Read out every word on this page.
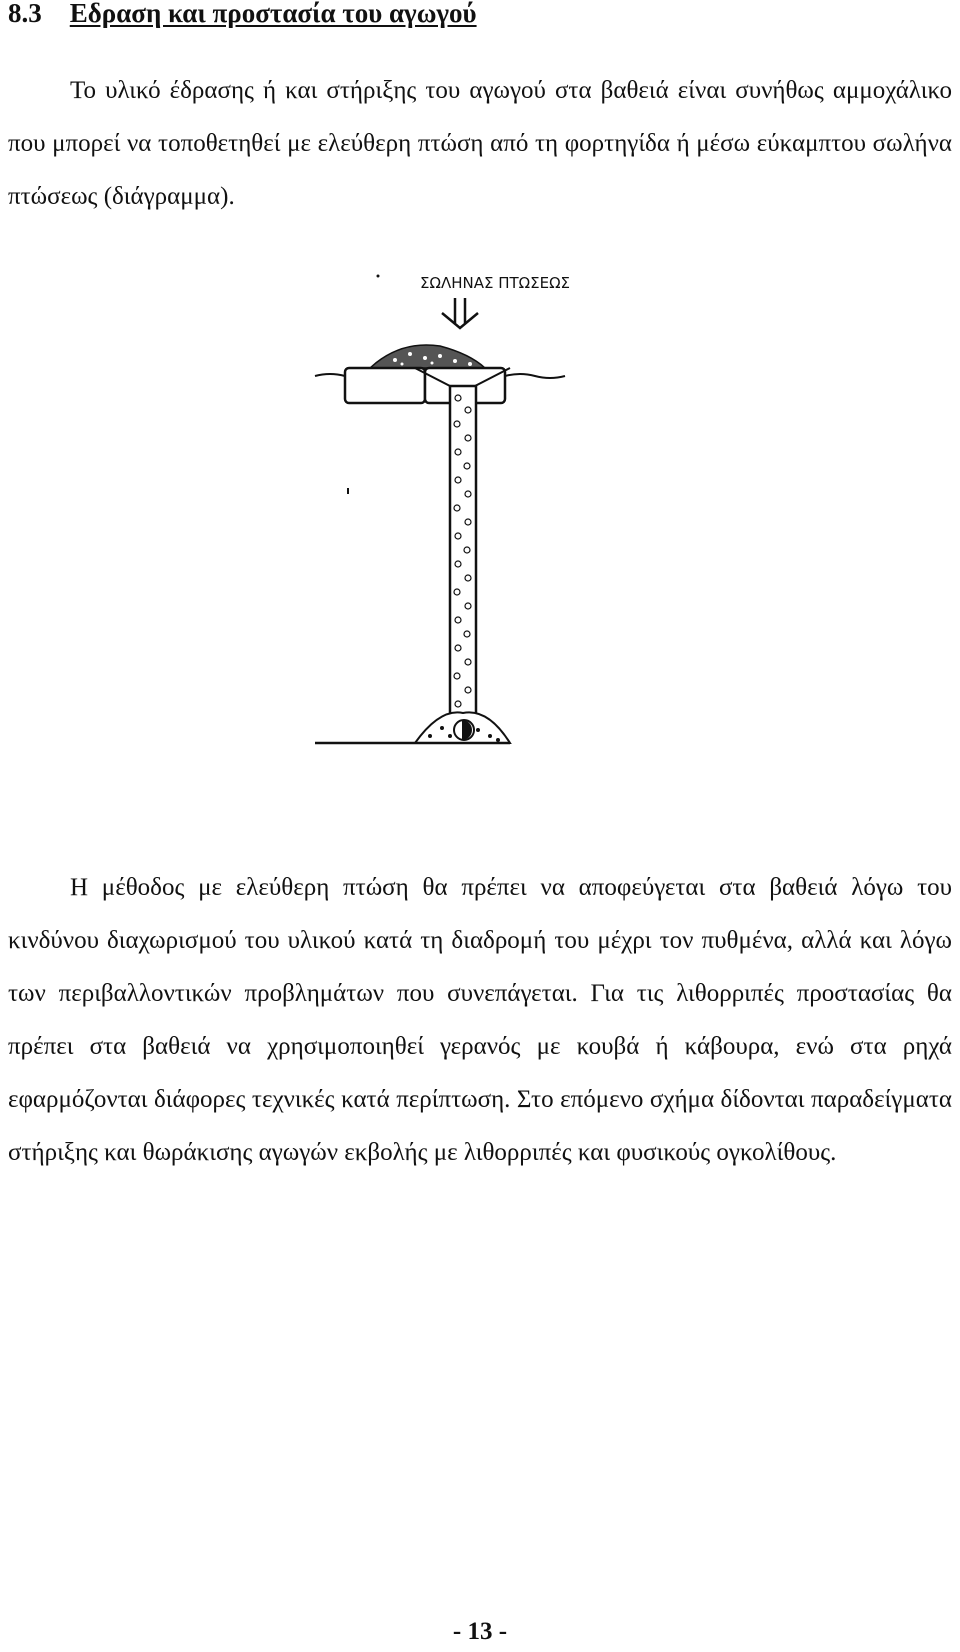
8.3 Εδραση και προστασία του αγωγού

Το υλικό έδρασης ή και στήριξης του αγωγού στα βαθειά είναι συνήθως αμμοχάλικο που μπορεί να τοποθετηθεί με ελεύθερη πτώση από τη φορτηγίδα ή μέσω εύκαμπτου σωλήνα πτώσεως (διάγραμμα).

ΣΩΛΗΝΑΣ ΠΤΩΣΕΩΣ

Η μέθοδος με ελεύθερη πτώση θα πρέπει να αποφεύγεται στα βαθειά λόγω του κινδύνου διαχωρισμού του υλικού κατά τη διαδρομή του μέχρι τον πυθμένα, αλλά και λόγω των περιβαλλοντικών προβλημάτων που συνεπάγεται. Για τις λιθορριπές προστασίας θα πρέπει στα βαθειά να χρησιμοποιηθεί γερανός με κουβά ή κάβουρα, ενώ στα ρηχά εφαρμόζονται διάφορες τεχνικές κατά περίπτωση. Στο επόμενο σχήμα δίδονται παραδείγματα στήριξης και θωράκισης αγωγών εκβολής με λιθορριπές και φυσικούς ογκολίθους.

- 13 -
